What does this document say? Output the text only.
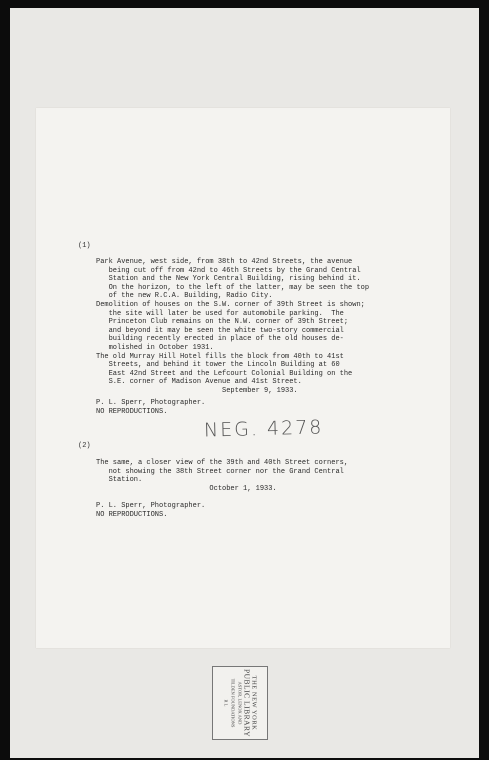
(1)
Park Avenue, west side, from 38th to 42nd Streets, the avenue
being cut off from 42nd to 46th Streets by the Grand Central
Station and the New York Central Building, rising behind it.
On the horizon, to the left of the latter, may be seen the top
of the new R.C.A. Building, Radio City.
Demolition of houses on the S.W. corner of 39th Street is shown;
the site will later be used for automobile parking.  The
Princeton Club remains on the N.W. corner of 39th Street;
and beyond it may be seen the white two-story commercial
building recently erected in place of the old houses de-
molished in October 1931.
The old Murray Hill Hotel fills the block from 40th to 41st
Streets, and behind it tower the Lincoln Building at 60
East 42nd Street and the Lefcourt Colonial Building on the
S.E. corner of Madison Avenue and 41st Street.
September 9, 1933.
P. L. Sperr, Photographer.
NO REPRODUCTIONS.
NEG. 4278
(2)
The same, a closer view of the 39th and 40th Street corners,
not showing the 38th Street corner nor the Grand Central
Station.
October 1, 1933.
P. L. Sperr, Photographer.
NO REPRODUCTIONS.
THE NEW YORK
PUBLIC LIBRARY
ASTOR, LENOX AND
TILDEN FOUNDATIONS
R L
